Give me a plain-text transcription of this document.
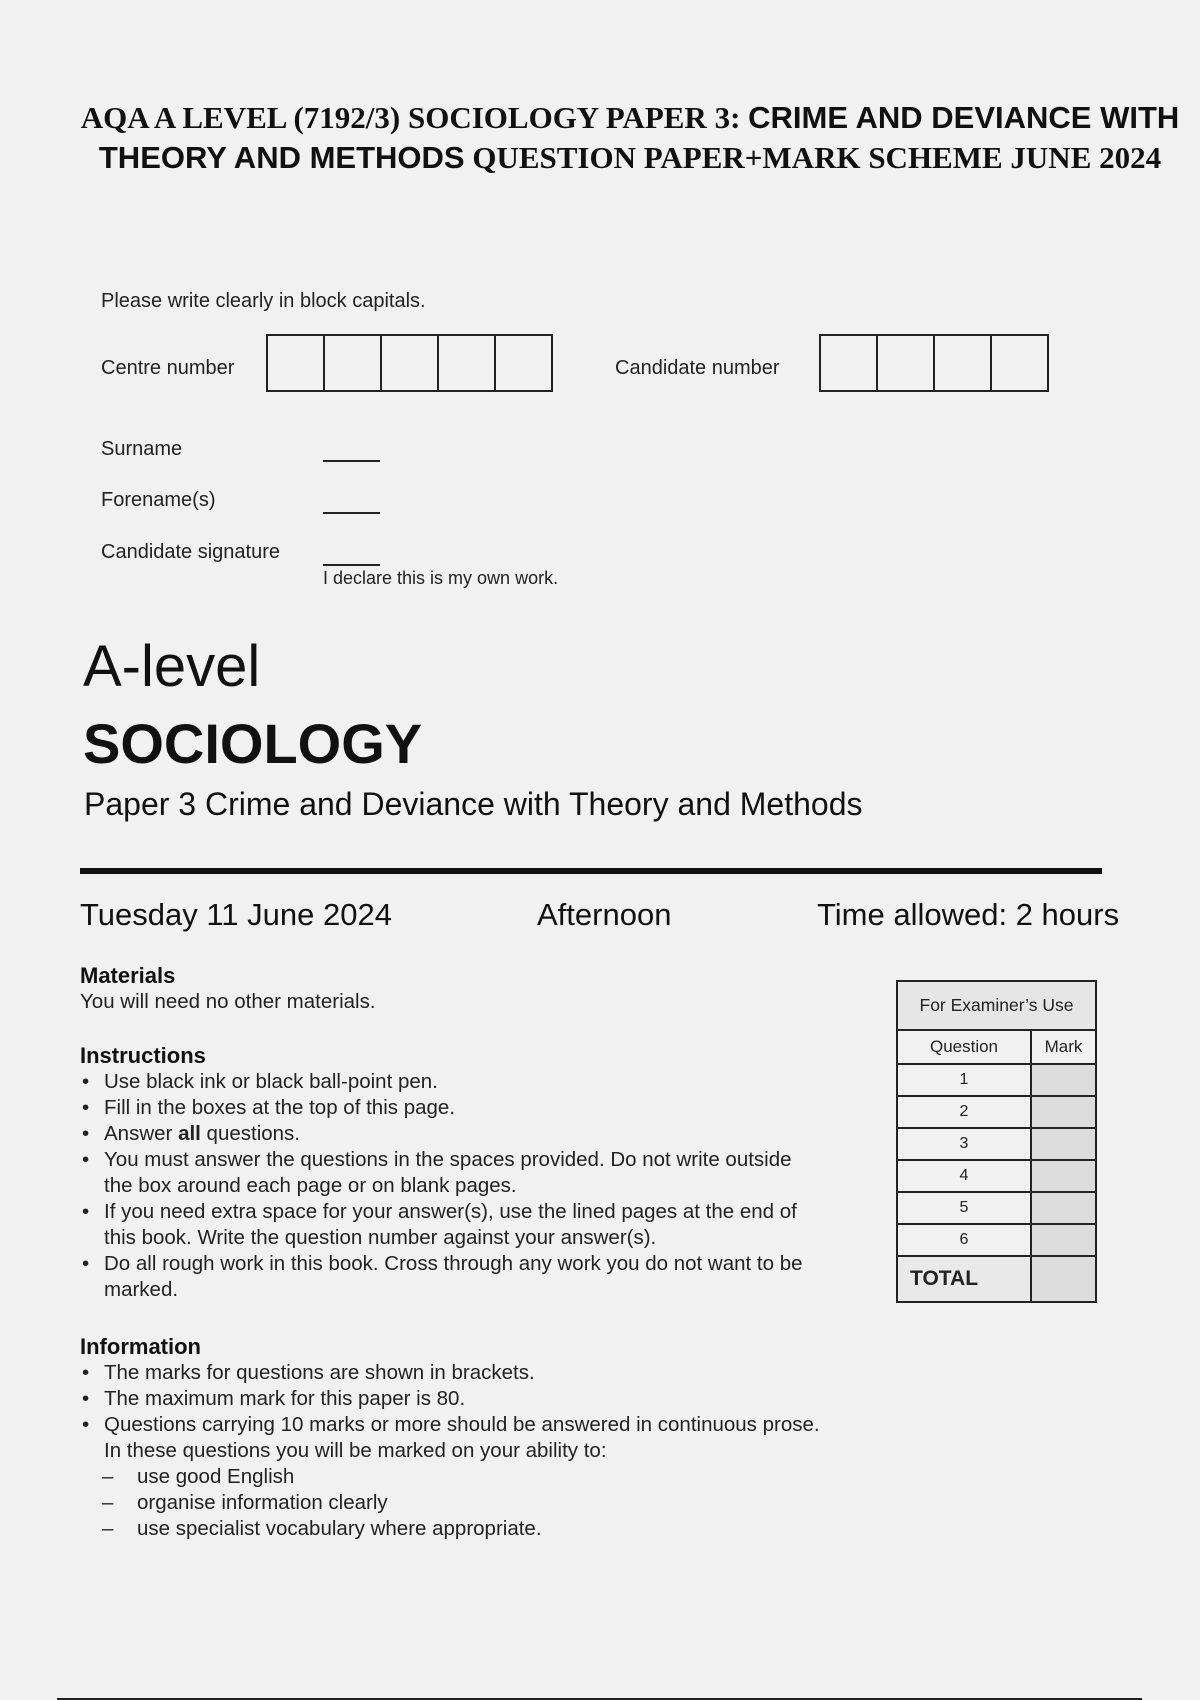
AQA A LEVEL (7192/3) SOCIOLOGY PAPER 3: CRIME AND DEVIANCE WITH THEORY AND METHODS QUESTION PAPER+MARK SCHEME JUNE 2024
Please write clearly in block capitals.
Centre number	Candidate number
Surname
Forename(s)
Candidate signature
I declare this is my own work.
A-level
SOCIOLOGY
Paper 3 Crime and Deviance with Theory and Methods
Tuesday 11 June 2024	Afternoon	Time allowed: 2 hours
Materials

You will need no other materials.

Instructions
• Use black ink or black ball-point pen.
• Fill in the boxes at the top of this page.
• Answer all questions.
• You must answer the questions in the spaces provided. Do not write outside
the box around each page or on blank pages.
• If you need extra space for your answer(s), use the lined pages at the end of
this book. Write the question number against your answer(s).
• Do all rough work in this book. Cross through any work you do not want to be
marked.
Information
• The marks for questions are shown in brackets.
• The maximum mark for this paper is 80.
• Questions carrying 10 marks or more should be answered in continuous prose.
In these questions you will be marked on your ability to:
– use good English
– organise information clearly
– use specialist vocabulary where appropriate.
For Examiner’s Use	
Question	Mark
1	
2	
3	
4	
5	
6	
TOTAL	
